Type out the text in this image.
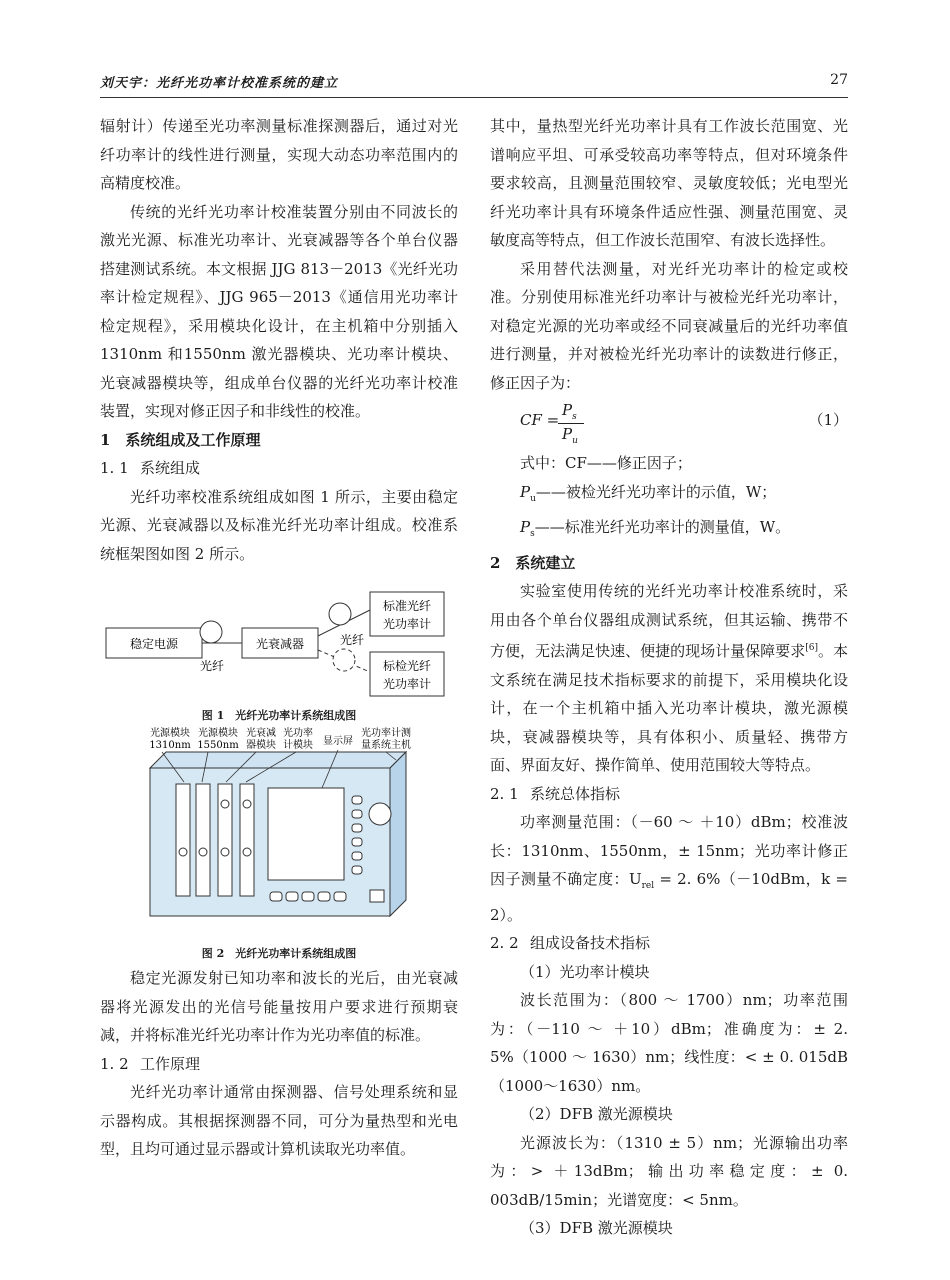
刘天宇：光纤光功率计校准系统的建立	27

辐射计）传递至光功率测量标准探测器后，通过对光纤功率计的线性进行测量，实现大动态功率范围内的高精度校准。

传统的光纤光功率计校准装置分别由不同波长的激光光源、标准光功率计、光衰减器等各个单台仪器搭建测试系统。本文根据 JJG 813－2013《光纤光功率计检定规程》、JJG 965－2013《通信用光功率计检定规程》，采用模块化设计，在主机箱中分别插入1310nm 和1550nm 激光器模块、光功率计模块、光衰减器模块等，组成单台仪器的光纤光功率计校准装置，实现对修正因子和非线性的校准。

1　系统组成及工作原理

1. 1 系统组成

光纤功率校准系统组成如图 1 所示，主要由稳定光源、光衰减器以及标准光纤光功率计组成。校准系统框架图如图 2 所示。

稳定电源
光纤
光衰减器	光纤
标准光纤
光功率计
标检光纤
光功率计
图 1　光纤光功率计系统组成图
光源模块
1310nm
光源模块
1550nm
光衰减
器模块
光功率
计模块 显示屏
光功率计测
量系统主机
图 2　光纤光功率计系统组成图

稳定光源发射已知功率和波长的光后，由光衰减器将光源发出的光信号能量按用户要求进行预期衰减，并将标准光纤光功率计作为光功率值的标准。

1. 2 工作原理

光纤光功率计通常由探测器、信号处理系统和显示器构成。其根据探测器不同，可分为量热型和光电型，且均可通过显示器或计算机读取光功率值。

其中，量热型光纤光功率计具有工作波长范围宽、光谱响应平坦、可承受较高功率等特点，但对环境条件要求较高，且测量范围较窄、灵敏度较低；光电型光纤光功率计具有环境条件适应性强、测量范围宽、灵敏度高等特点，但工作波长范围窄、有波长选择性。

采用替代法测量，对光纤光功率计的检定或校准。分别使用标准光纤功率计与被检光纤光功率计，对稳定光源的光功率或经不同衰减量后的光纤功率值进行测量，并对被检光纤光功率计的读数进行修正，修正因子为：

CF =
$P_s$
$P_u$
（1）
式中：CF——修正因子；
$P_u——$被检光纤光功率计的示值，W；
$P_s——$标准光纤光功率计的测量值，W。

2　系统建立

实验室使用传统的光纤光功率计校准系统时，采用由各个单台仪器组成测试系统，但其运输、携带不方便，无法满足快速、便捷的现场计量保障要求[6]。本文系统在满足技术指标要求的前提下，采用模块化设计，在一个主机箱中插入光功率计模块，激光源模块，衰减器模块等，具有体积小、质量轻、携带方面、界面友好、操作简单、使用范围较大等特点。

2. 1 系统总体指标

功率测量范围：（－60 ～ ＋10）dBm；校准波长：1310nm、1550nm，± 15nm；光功率计修正因子测量不确定度：$U_{rel} = 2$. 6%（－10dBm，k = 2）。

2. 2 组成设备技术指标

（1）光功率计模块

波长范围为：（800 ～ 1700）nm；功率范围为：（－110 ～ ＋10）dBm；准确度为：± 2. 5%（1000 ～ 1630）nm；线性度：< ± 0. 015dB（1000～1630）nm。

（2）DFB 激光源模块

光源波长为：（1310 ± 5）nm；光源输出功率为：> ＋13dBm；输出功率稳定度：± 0. 003dB/15min；光谱宽度：< 5nm。

（3）DFB 激光源模块
